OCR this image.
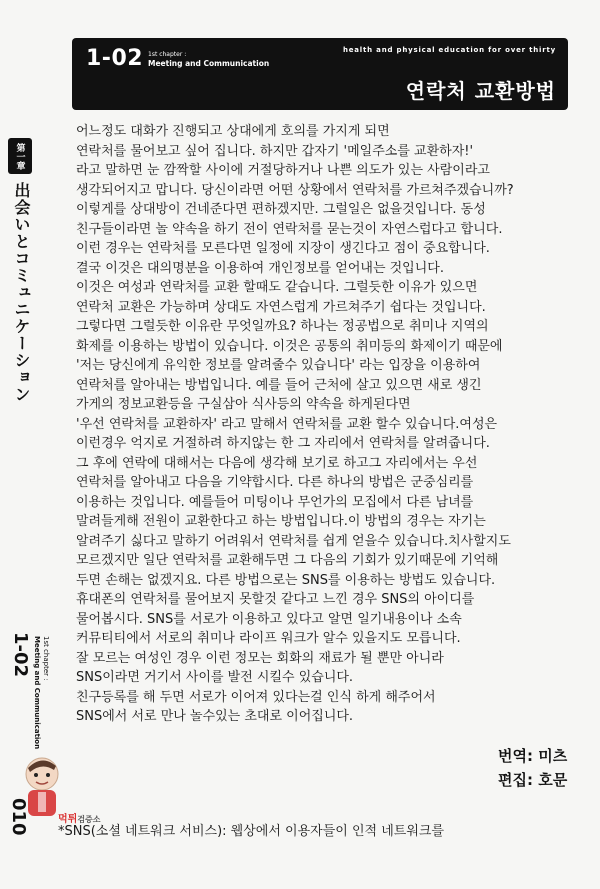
1-02 1st chapter :
Meeting and Communication
health and physical education for over thirty
연락처 교환방법
第一章
出会いとコミュニケーション
1-02 1st chapter :
Meeting and Communication
먹튀검증소
010

어느정도 대화가 진행되고 상대에게 호의를 가지게 되면

연락처를 물어보고 싶어 집니다. 하지만 갑자기 '메일주소를 교환하자!'

라고 말하면 눈 깜짝할 사이에 거절당하거나 나쁜 의도가 있는 사람이라고

생각되어지고 맙니다. 당신이라면 어떤 상황에서 연락처를 가르쳐주겠습니까?

이렇게를 상대방이 건네준다면 편하겠지만. 그럴일은 없을것입니다. 동성

친구들이라면 놀 약속을 하기 전이 연락처를 묻는것이 자연스럽다고 합니다.

이런 경우는 연락처를 모른다면 일정에 지장이 생긴다고 점이 중요합니다.

결국 이것은 대의명분을 이용하여 개인정보를 얻어내는 것입니다.

이것은 여성과 연락처를 교환 할때도 같습니다. 그럴듯한 이유가 있으면

연락처 교환은 가능하며 상대도 자연스럽게 가르쳐주기 쉽다는 것입니다.

그렇다면 그럴듯한 이유란 무엇일까요? 하나는 정공법으로 취미나 지역의

화제를 이용하는 방법이 있습니다. 이것은 공통의 취미등의 화제이기 때문에

'저는 당신에게 유익한 정보를 알려줄수 있습니다' 라는 입장을 이용하여

연락처를 알아내는 방법입니다. 예를 들어 근처에 살고 있으면 새로 생긴

가게의 정보교환등을 구실삼아 식사등의 약속을 하게된다면

'우선 연락처를 교환하자' 라고 말해서 연락처를 교환 할수 있습니다.여성은

이런경우 억지로 거절하려 하지않는 한 그 자리에서 연락처를 알려줍니다.

그 후에 연락에 대해서는 다음에 생각해 보기로 하고그 자리에서는 우선

연락처를 알아내고 다음을 기약합시다. 다른 하나의 방법은 군중심리를

이용하는 것입니다. 예를들어 미팅이나 무언가의 모집에서 다른 남녀를

말려들게해 전원이 교환한다고 하는 방법입니다.이 방법의 경우는 자기는

알려주기 싫다고 말하기 어려워서 연락처를 쉽게 얻을수 있습니다.치사할지도

모르겠지만 일단 연락처를 교환해두면 그 다음의 기회가 있기때문에 기억해

두면 손해는 없겠지요. 다른 방법으로는 SNS를 이용하는 방법도 있습니다.

휴대폰의 연락처를 물어보지 못할것 같다고 느낀 경우 SNS의 아이디를

물어봅시다. SNS를 서로가 이용하고 있다고 알면 일기내용이나 소속

커뮤티티에서 서로의 취미나 라이프 워크가 알수 있을지도 모릅니다.

잘 모르는 여성인 경우 이런 정모는 회화의 재료가 될 뿐만 아니라

SNS이라면 거기서 사이를 발전 시킬수 있습니다.

친구등록를 해 두면 서로가 이어져 있다는걸 인식 하게 해주어서

SNS에서 서로 만나 놀수있는 초대로 이어집니다.

번역: 미츠
편집: 호문
*SNS(소셜 네트워크 서비스): 웹상에서 이용자들이 인적 네트워크를
